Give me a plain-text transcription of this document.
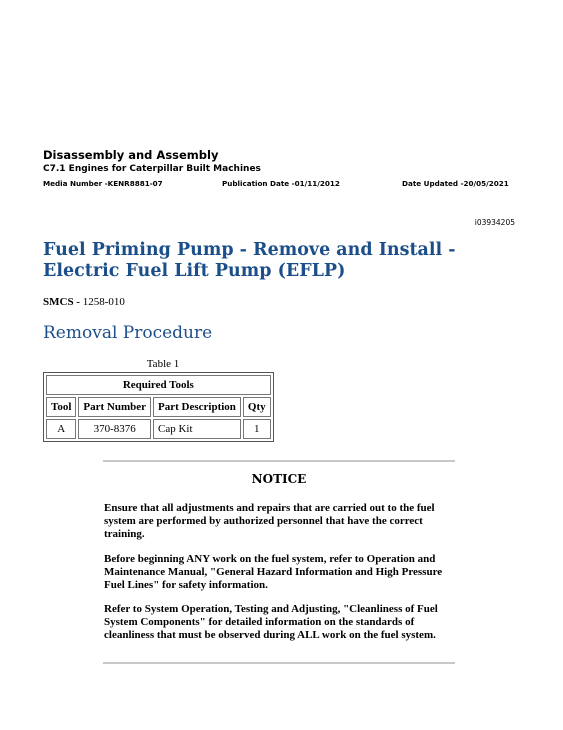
Disassembly and Assembly
C7.1 Engines for Caterpillar Built Machines
Media Number -KENR8881-07	Publication Date -01/11/2012	Date Updated -20/05/2021
i03934205
Fuel Priming Pump - Remove and Install - Electric Fuel Lift Pump (EFLP)
SMCS - 1258-010
Removal Procedure
Table 1
Required Tools			
Tool	Part Number	Part Description	Qty
A	370-8376	Cap Kit	1
NOTICE

Ensure that all adjustments and repairs that are carried out to the fuel system are performed by authorized personnel that have the correct training.

Before beginning ANY work on the fuel system, refer to Operation and Maintenance Manual, "General Hazard Information and High Pressure Fuel Lines" for safety information.

Refer to System Operation, Testing and Adjusting, "Cleanliness of Fuel System Components" for detailed information on the standards of cleanliness that must be observed during ALL work on the fuel system.
